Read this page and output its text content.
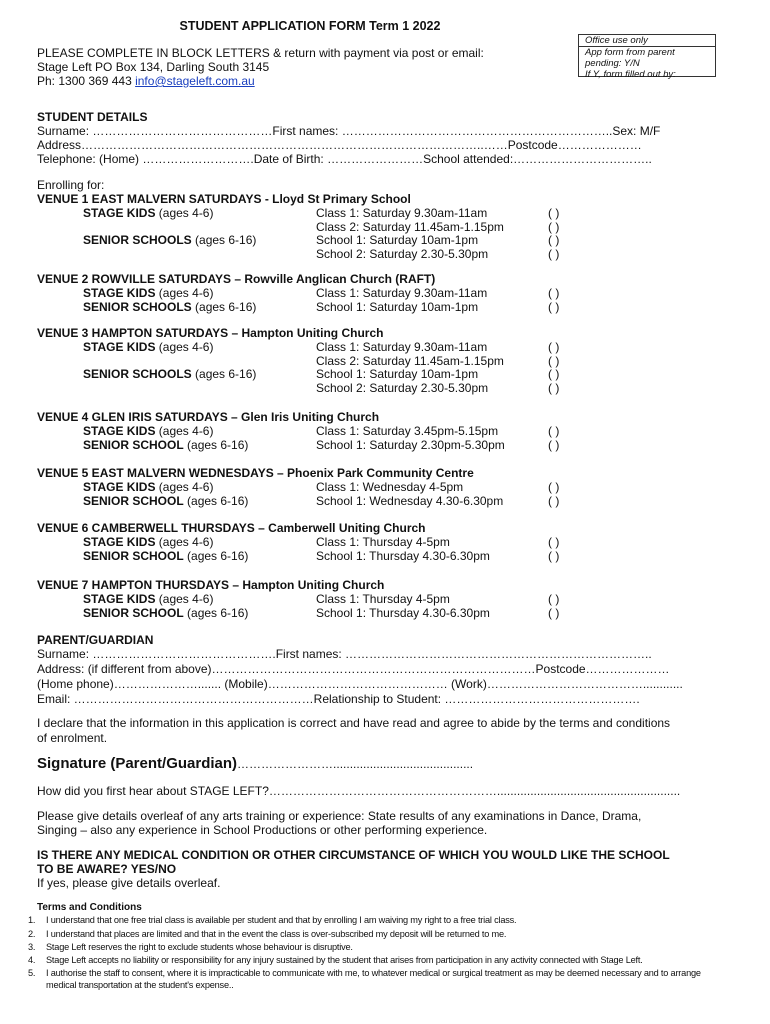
STUDENT APPLICATION FORM Term 1 2022
Office use only
App form from parent
pending: Y/N
If Y, form filled out by:
PLEASE COMPLETE IN BLOCK LETTERS & return with payment via post or email:
Stage Left PO Box 134, Darling South 3145
Ph: 1300 369 443 info@stageleft.com.au
STUDENT DETAILS
Surname: ………………………………………First names: …………………………………………………………..Sex: M/F
Address………………………………………………………………………………………..……Postcode…………………
Telephone: (Home) ……………………….Date of Birth: ……………………School attended:……………………………..
Enrolling for:
VENUE 1 EAST MALVERN SATURDAYS - Lloyd St Primary School
STAGE KIDS (ages 4-6)	Class 1: Saturday 9.30am-11am	( )
Class 2: Saturday 11.45am-1.15pm	( )
SENIOR SCHOOLS (ages 6-16)	School 1: Saturday 10am-1pm	( )
School 2: Saturday 2.30-5.30pm	( )
VENUE 2 ROWVILLE SATURDAYS – Rowville Anglican Church (RAFT)
STAGE KIDS (ages 4-6)	Class 1: Saturday 9.30am-11am	( )
SENIOR SCHOOLS (ages 6-16)	School 1: Saturday 10am-1pm	( )
VENUE 3 HAMPTON SATURDAYS – Hampton Uniting Church
STAGE KIDS (ages 4-6)	Class 1: Saturday 9.30am-11am	( )
Class 2: Saturday 11.45am-1.15pm	( )
SENIOR SCHOOLS (ages 6-16)	School 1: Saturday 10am-1pm	( )
School 2: Saturday 2.30-5.30pm	( )
VENUE 4 GLEN IRIS SATURDAYS – Glen Iris Uniting Church
STAGE KIDS (ages 4-6)	Class 1: Saturday 3.45pm-5.15pm	( )
SENIOR SCHOOL (ages 6-16)	School 1: Saturday 2.30pm-5.30pm	( )
VENUE 5 EAST MALVERN WEDNESDAYS – Phoenix Park Community Centre
STAGE KIDS (ages 4-6)	Class 1: Wednesday 4-5pm	( )
SENIOR SCHOOL (ages 6-16)	School 1: Wednesday 4.30-6.30pm	( )
VENUE 6 CAMBERWELL THURSDAYS – Camberwell Uniting Church
STAGE KIDS (ages 4-6)	Class 1: Thursday 4-5pm	( )
SENIOR SCHOOL (ages 6-16)	School 1: Thursday 4.30-6.30pm	( )
VENUE 7 HAMPTON THURSDAYS – Hampton Uniting Church
STAGE KIDS (ages 4-6)	Class 1: Thursday 4-5pm	( )
SENIOR SCHOOL (ages 6-16)	School 1: Thursday 4.30-6.30pm	( )
PARENT/GUARDIAN
Surname: ……………………………………….First names: …………………………………………………………………..
Address: (if different from above)………………………………………………………………………Postcode…………………
(Home phone)…………………....... (Mobile)……………………………………… (Work)…………………………………............
Email: ……………………………………………………Relationship to Student: ………………………………………….
I declare that the information in this application is correct and have read and agree to abide by the terms and conditions
of enrolment.
Signature (Parent/Guardian)……………………..........................................
How did you first hear about STAGE LEFT?………………………………………………….......................................................
Please give details overleaf of any arts training or experience: State results of any examinations in Dance, Drama,
Singing – also any experience in School Productions or other performing experience.
IS THERE ANY MEDICAL CONDITION OR OTHER CIRCUMSTANCE OF WHICH YOU WOULD LIKE THE SCHOOL
TO BE AWARE? YES/NO
If yes, please give details overleaf.
Terms and Conditions
1. I understand that one free trial class is available per student and that by enrolling I am waiving my right to a free trial class.
2. I understand that places are limited and that in the event the class is over-subscribed my deposit will be returned to me.
3. Stage Left reserves the right to exclude students whose behaviour is disruptive.
4. Stage Left accepts no liability or responsibility for any injury sustained by the student that arises from participation in any activity connected with Stage Left.
5. I authorise the staff to consent, where it is impracticable to communicate with me, to whatever medical or surgical treatment as may be deemed necessary and to arrange
medical transportation at the student's expense..
